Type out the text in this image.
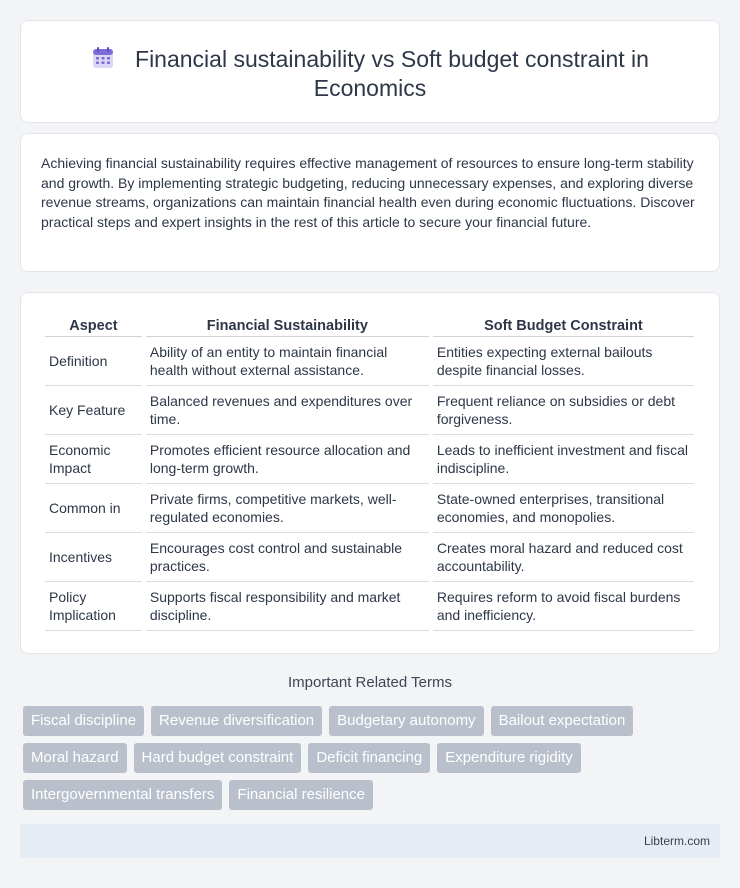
Financial sustainability vs Soft budget constraint in Economics

Achieving financial sustainability requires effective management of resources to ensure long-term stability and growth. By implementing strategic budgeting, reducing unnecessary expenses, and exploring diverse revenue streams, organizations can maintain financial health even during economic fluctuations. Discover practical steps and expert insights in the rest of this article to secure your financial future.

Aspect	Financial Sustainability	Soft Budget Constraint
Definition	Ability of an entity to maintain financial health without external assistance.	Entities expecting external bailouts despite financial losses.
Key Feature	Balanced revenues and expenditures over time.	Frequent reliance on subsidies or debt forgiveness.
Economic Impact	Promotes efficient resource allocation and long-term growth.	Leads to inefficient investment and fiscal indiscipline.
Common in	Private firms, competitive markets, well-regulated economies.	State-owned enterprises, transitional economies, and monopolies.
Incentives	Encourages cost control and sustainable practices.	Creates moral hazard and reduced cost accountability.
Policy Implication	Supports fiscal responsibility and market discipline.	Requires reform to avoid fiscal burdens and inefficiency.
Important Related Terms
Fiscal discipline	Revenue diversification	Budgetary autonomy	Bailout expectation
Moral hazard	Hard budget constraint	Deficit financing	Expenditure rigidity
Intergovernmental transfers	Financial resilience
Libterm.com
